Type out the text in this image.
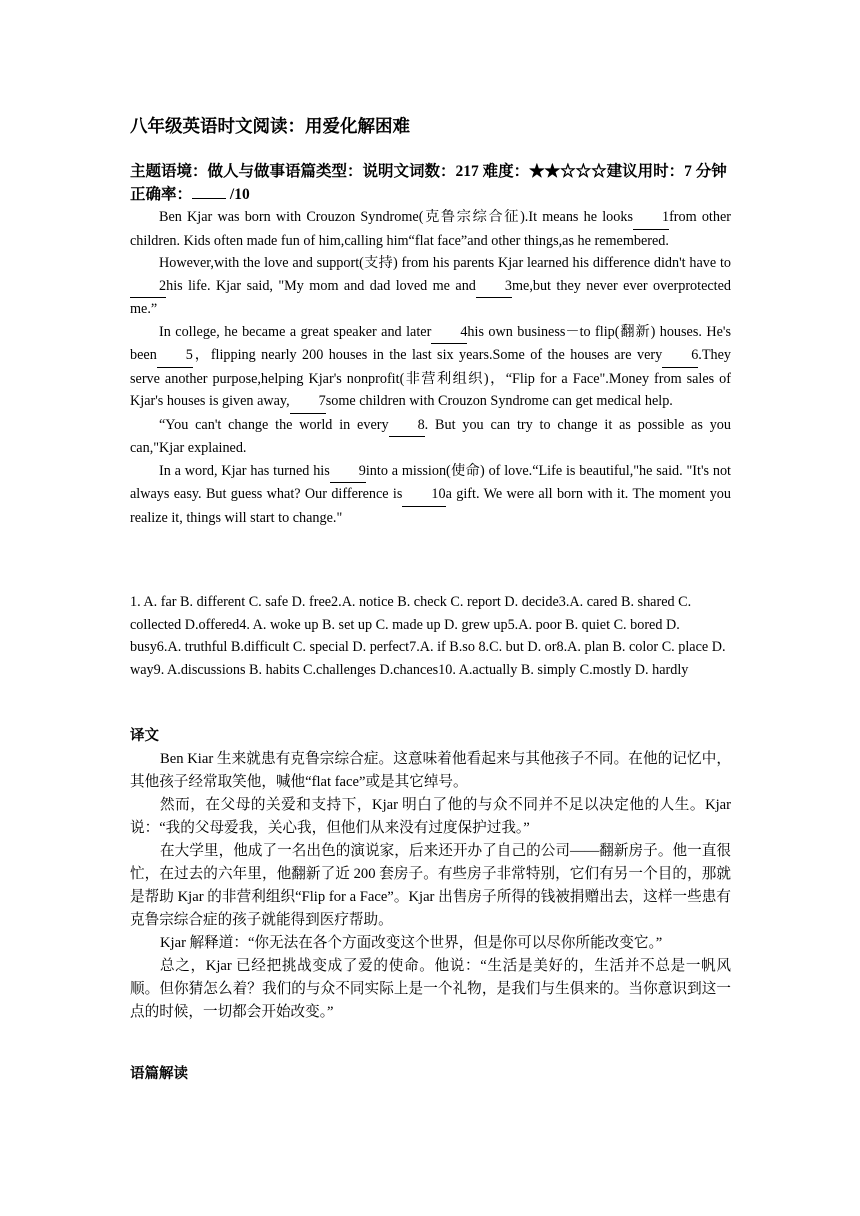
八年级英语时文阅读：用爱化解困难
主题语境：做人与做事语篇类型：说明文词数：217 难度：★★☆☆☆建议用时：7 分钟正确率： /10

Ben Kjar was born with Crouzon Syndrome(克鲁宗综合征).It means he looks 1from other children. Kids often made fun of him,calling him“flat face”and other things,as he remembered.

However,with the love and support(支持) from his parents Kjar learned his difference didn't have to2his life. Kjar said, "My mom and dad loved me and 3me,but they never ever overprotected me.”

In college, he became a great speaker and later 4his own business－to flip(翻新) houses. He's been 5，flipping nearly 200 houses in the last six years.Some of the houses are very 6.They serve another purpose,helping Kjar's nonprofit(非营利组织)，“Flip for a Face".Money from sales of Kjar's houses is given away, 7some children with Crouzon Syndrome can get medical help.

“You can't change the world in every 8. But you can try to change it as possible as you can,"Kjar explained.

In a word, Kjar has turned his 9into a mission(使命) of love.“Life is beautiful,"he said. "It's not always easy. But guess what? Our difference is 10a gift. We were all born with it. The moment you realize it, things will start to change."

1. A. far B. different C. safe D. free2.A. notice B. check C. report D. decide3.A. cared B. shared C. collected D.offered4. A. woke up B. set up C. made up D. grew up5.A. poor B. quiet C. bored D. busy6.A. truthful B.difficult C. special D. perfect7.A. if B.so 8.C. but D. or8.A. plan B. color C. place D. way9. A.discussions B. habits C.challenges D.chances10. A.actually B. simply C.mostly D. hardly
译文

Ben Kiar 生来就患有克鲁宗综合症。这意味着他看起来与其他孩子不同。在他的记忆中，其他孩子经常取笑他，喊他“flat face”或是其它绰号。

然而，在父母的关爱和支持下，Kjar 明白了他的与众不同并不足以决定他的人生。Kjar 说：“我的父母爱我，关心我，但他们从来没有过度保护过我。”

在大学里，他成了一名出色的演说家，后来还开办了自己的公司——翻新房子。他一直很忙，在过去的六年里，他翻新了近 200 套房子。有些房子非常特别，它们有另一个目的，那就是帮助 Kjar 的非营利组织“Flip for a Face”。Kjar 出售房子所得的钱被捐赠出去，这样一些患有克鲁宗综合症的孩子就能得到医疗帮助。

Kjar 解释道：“你无法在各个方面改变这个世界，但是你可以尽你所能改变它。”

总之，Kjar 已经把挑战变成了爱的使命。他说：“生活是美好的，生活并不总是一帆风顺。但你猜怎么着？我们的与众不同实际上是一个礼物，是我们与生俱来的。当你意识到这一点的时候，一切都会开始改变。”

语篇解读
